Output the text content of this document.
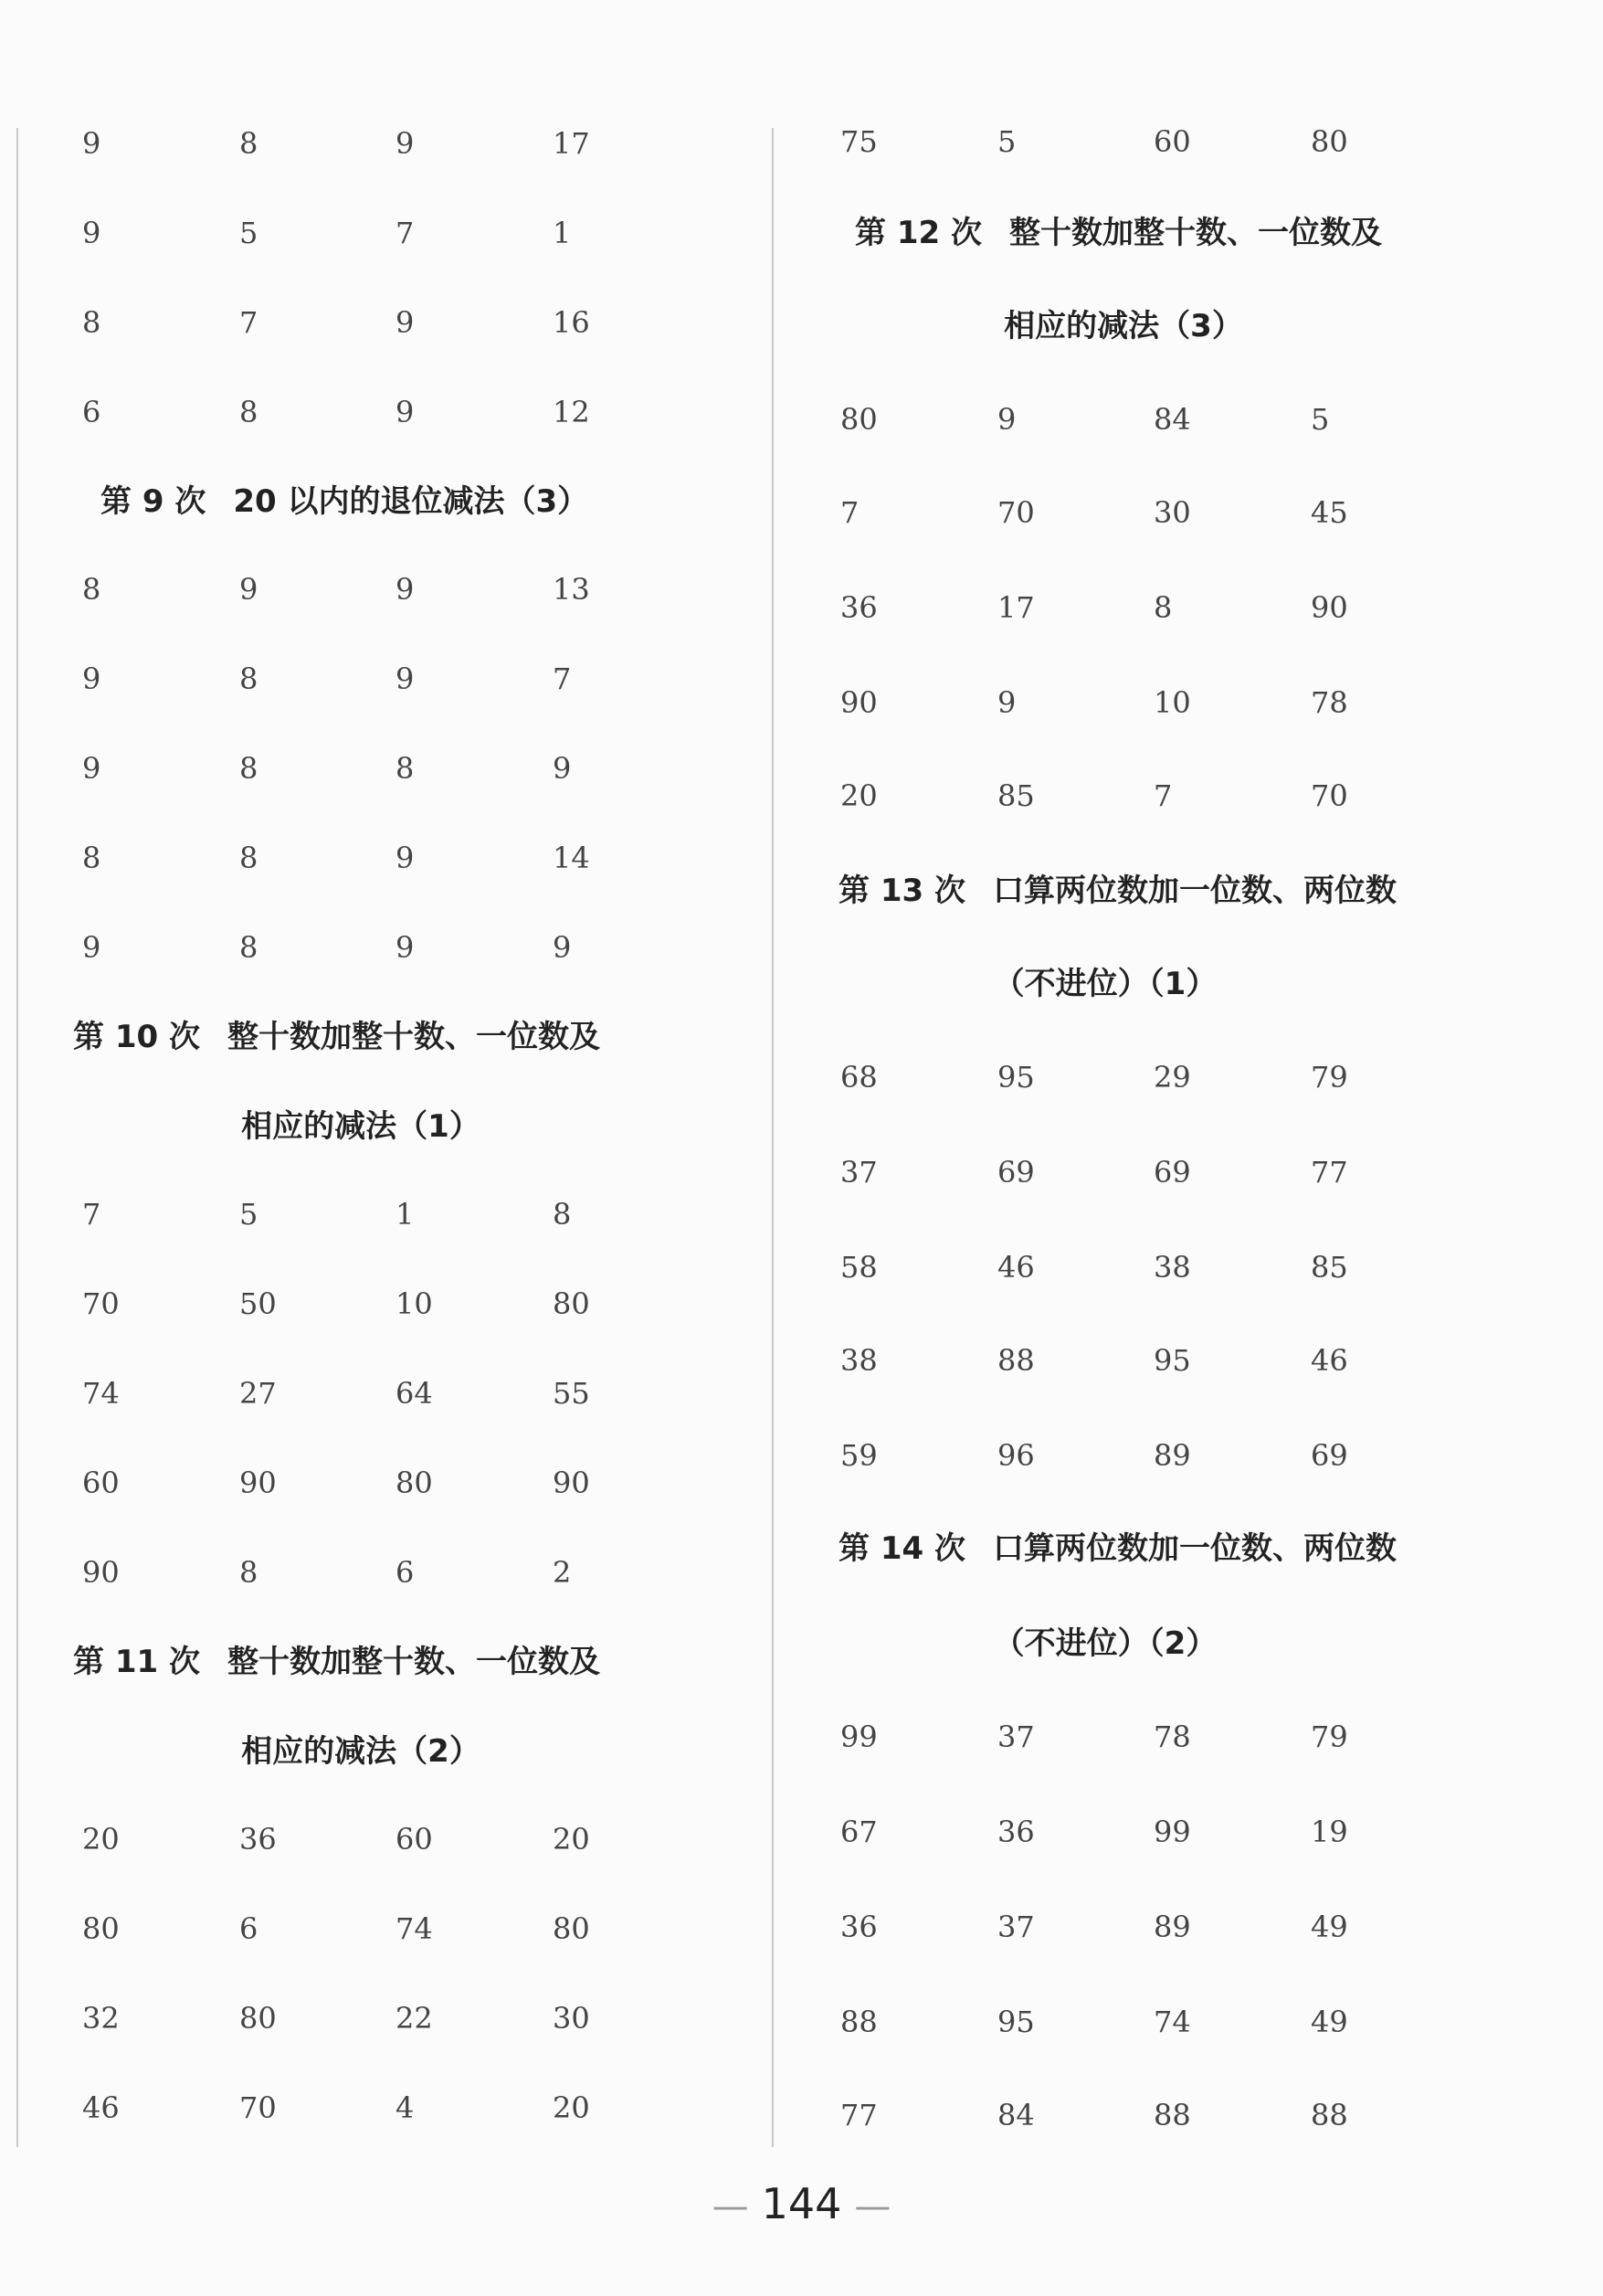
9	8	9	17
9	5	7	1
8	7	9	16
6	8	9	12
第 9 次 20 以内的退位减法（3）
8	9	9	13
9	8	9	7
9	8	8	9
8	8	9	14
9	8	9	9
第 10 次 整十数加整十数、一位数及
相应的减法（1）
7	5	1	8
70	50	10	80
74	27	64	55
60	90	80	90
90	8	6	2
第 11 次 整十数加整十数、一位数及
相应的减法（2）
20	36	60	20
80	6	74	80
32	80	22	30
46	70	4	20
75	5	60	80
第 12 次 整十数加整十数、一位数及
相应的减法（3）
80	9	84	5
7	70	30	45
36	17	8	90
90	9	10	78
20	85	7	70
第 13 次 口算两位数加一位数、两位数
（不进位）（1）
68	95	29	79
37	69	69	77
58	46	38	85
38	88	95	46
59	96	89	69
第 14 次 口算两位数加一位数、两位数
（不进位）（2）
99	37	78	79
67	36	99	19
36	37	89	49
88	95	74	49
77	84	88	88
— 144 —
